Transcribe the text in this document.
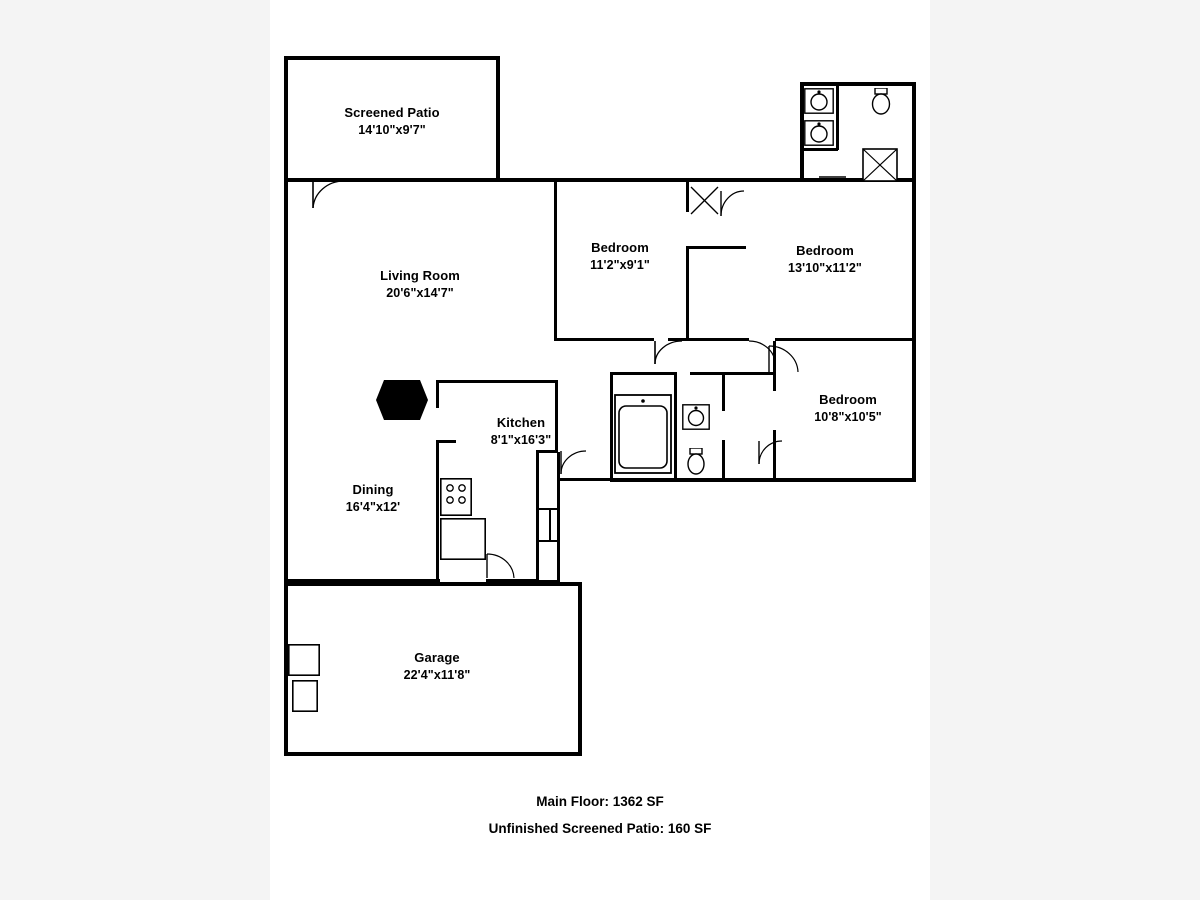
Screened Patio
14'10"x9'7"
Living Room
20'6"x14'7"
Bedroom
11'2"x9'1"
Bedroom
13'10"x11'2"
Bedroom
10'8"x10'5"
Kitchen
8'1"x16'3"
Dining
16'4"x12'
Garage
22'4"x11'8"
Main Floor: 1362 SF
Unfinished Screened Patio: 160 SF
